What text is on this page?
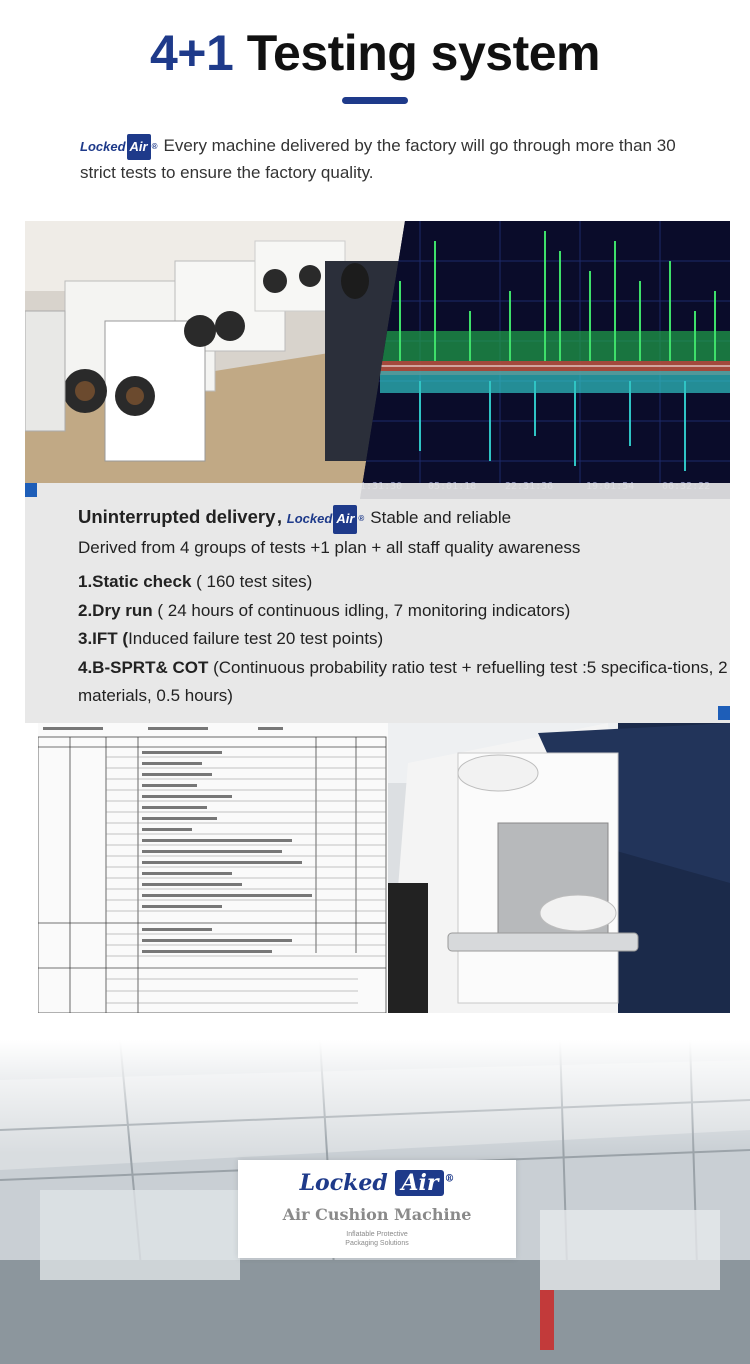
4+1 Testing system
Locked Air ® Every machine delivered by the factory will go through more than 30 strict tests to ensure the factory quality.
Uninterrupted delivery , Locked Air ® Stable and reliable
Derived from 4 groups of tests +1 plan + all staff quality awareness
1.Static check ( 160 test sites)
2.Dry run ( 24 hours of continuous idling, 7 monitoring indicators)
3.IFT (Induced failure test 20 test points)
4.B-SPRT& COT (Continuous probability ratio test + refuelling test :5 specifica-tions, 2 materials, 0.5 hours)
Locked Air ®
Air Cushion Machine
Inflatable Protective
Packaging Solutions
